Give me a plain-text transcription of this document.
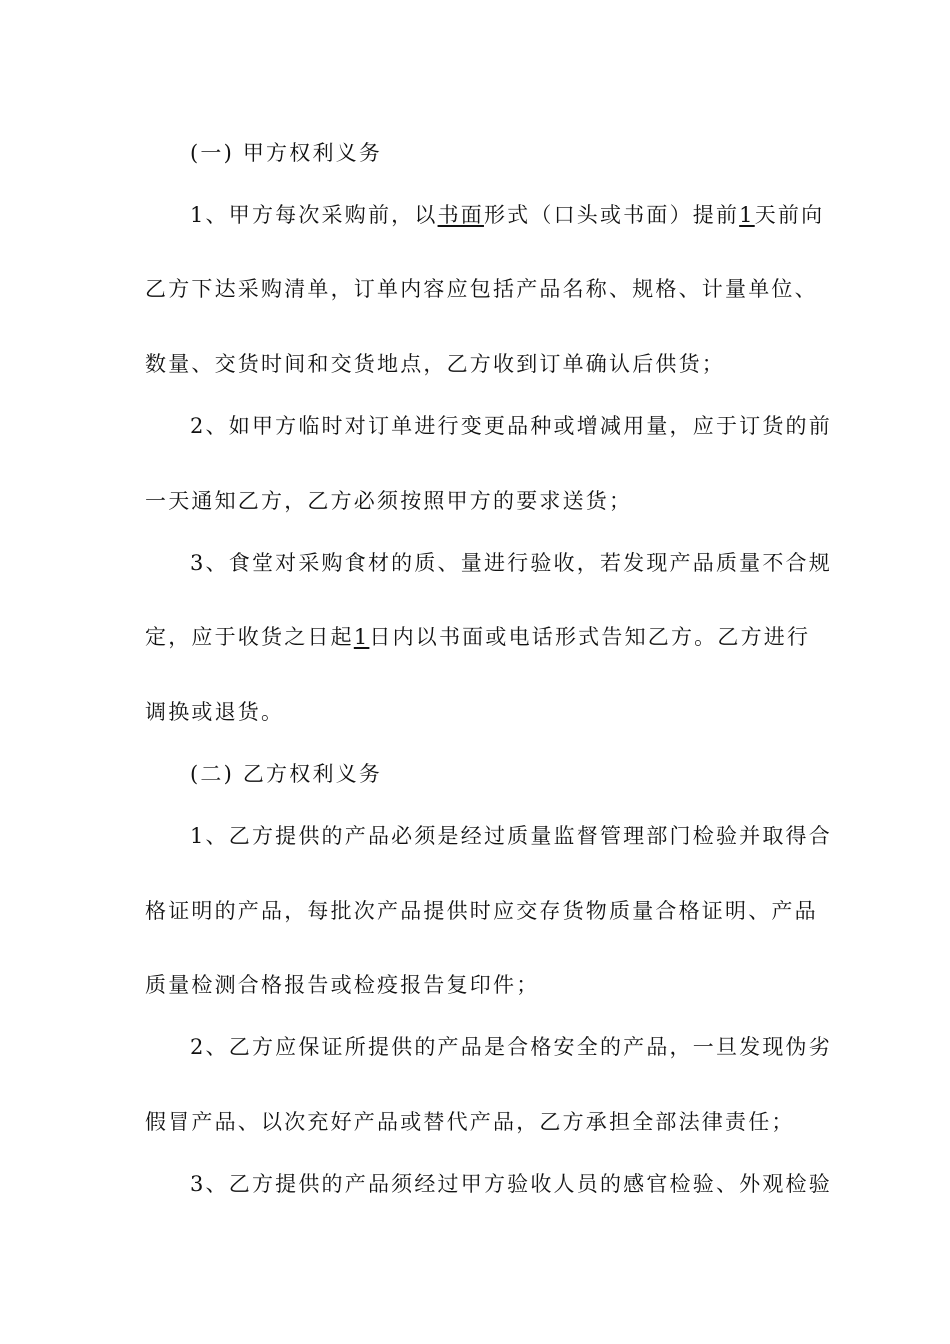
(一) 甲方权利义务
1、甲方每次采购前，以书面形式（口头或书面）提前1天前向
乙方下达采购清单，订单内容应包括产品名称、规格、计量单位、
数量、交货时间和交货地点，乙方收到订单确认后供货；
2、如甲方临时对订单进行变更品种或增减用量，应于订货的前
一天通知乙方，乙方必须按照甲方的要求送货；
3、食堂对采购食材的质、量进行验收，若发现产品质量不合规
定，应于收货之日起1日内以书面或电话形式告知乙方。乙方进行
调换或退货。
(二) 乙方权利义务
1、乙方提供的产品必须是经过质量监督管理部门检验并取得合
格证明的产品，每批次产品提供时应交存货物质量合格证明、产品
质量检测合格报告或检疫报告复印件；
2、乙方应保证所提供的产品是合格安全的产品，一旦发现伪劣
假冒产品、以次充好产品或替代产品，乙方承担全部法律责任；
3、乙方提供的产品须经过甲方验收人员的感官检验、外观检验
